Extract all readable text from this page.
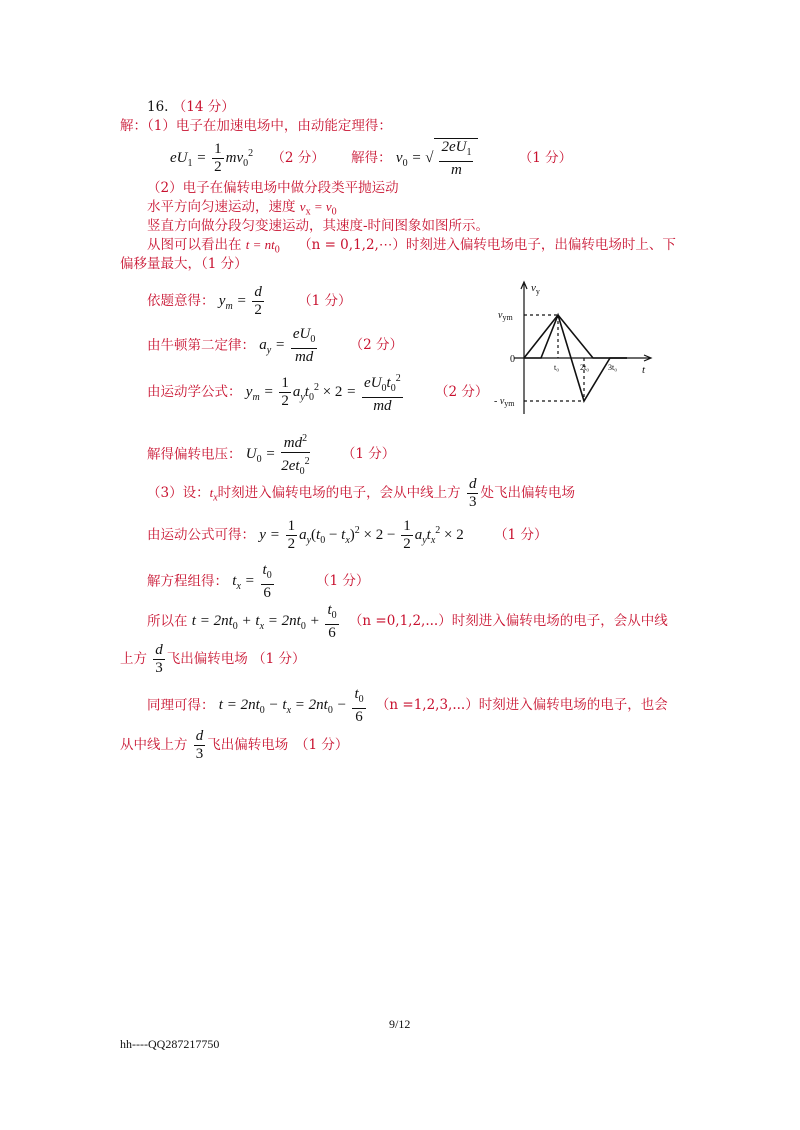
16. （14 分）
解：（1）电子在加速电场中，由动能定理得：
$eU_1 = \frac{1}{2} mv_0^2$ （2 分） 解得： $v_0$ = √ $\frac{2eU_1}{m}$	（1 分）
（2）电子在偏转电场中做分段类平抛运动
水平方向匀速运动，速度 $v_x = v_0$
竖直方向做分段匀变速运动，其速度-时间图象如图所示。
从图可以看出在 $t = nt_0$ （n = 0,1,2,⋯）时刻进入偏转电场电子，出偏转电场时上、下
偏移量最大，（1 分）
依题意得： $y_m = \frac{d}{2}$	（1 分）
由牛顿第二定律： $a_y = \frac{eU_0}{md} (2$ 分）
由运动学公式： $y_m = \frac{1}{2} a_yt_0^2 \times 2 = \frac{eU_0t_0^2}{md} (2$ 分）
解得偏转电压： $U_0 = \frac{md^2}{2et_0^2} (1$ 分）
$v_y$
t
0
$v_{ym}$
- $v_{ym}$
t₀	2t₀ 3t₀
（3）设：$t_x$时刻进入偏转电场的电子，会从中线上方 $\frac{d}{3}$ 处飞出偏转电场
由运动公式可得： $y = \frac{1}{2} a_y(t_0 - t_x)^2 \times 2 - \frac{1}{2} a_yt_x^2 \times 2$ （1 分）
解方程组得： $t_x = \frac{t_0}{6}$	（1 分）
所以在 $t = 2nt_0 + t_x = 2nt_0 + \frac{t_0}{6} (n =0,1,2,...)$时刻进入偏转电场的电子，会从中线
上方 $\frac{d}{3}$ 飞出偏转电场 （1 分）
同理可得： $t = 2nt_0 - t_x = 2nt_0 - \frac{t_0}{6} (n =1,2,3,...)$时刻进入偏转电场的电子，也会
从中线上方 $\frac{d}{3}$ 飞出偏转电场　（1 分）
9/12
hh----QQ287217750
